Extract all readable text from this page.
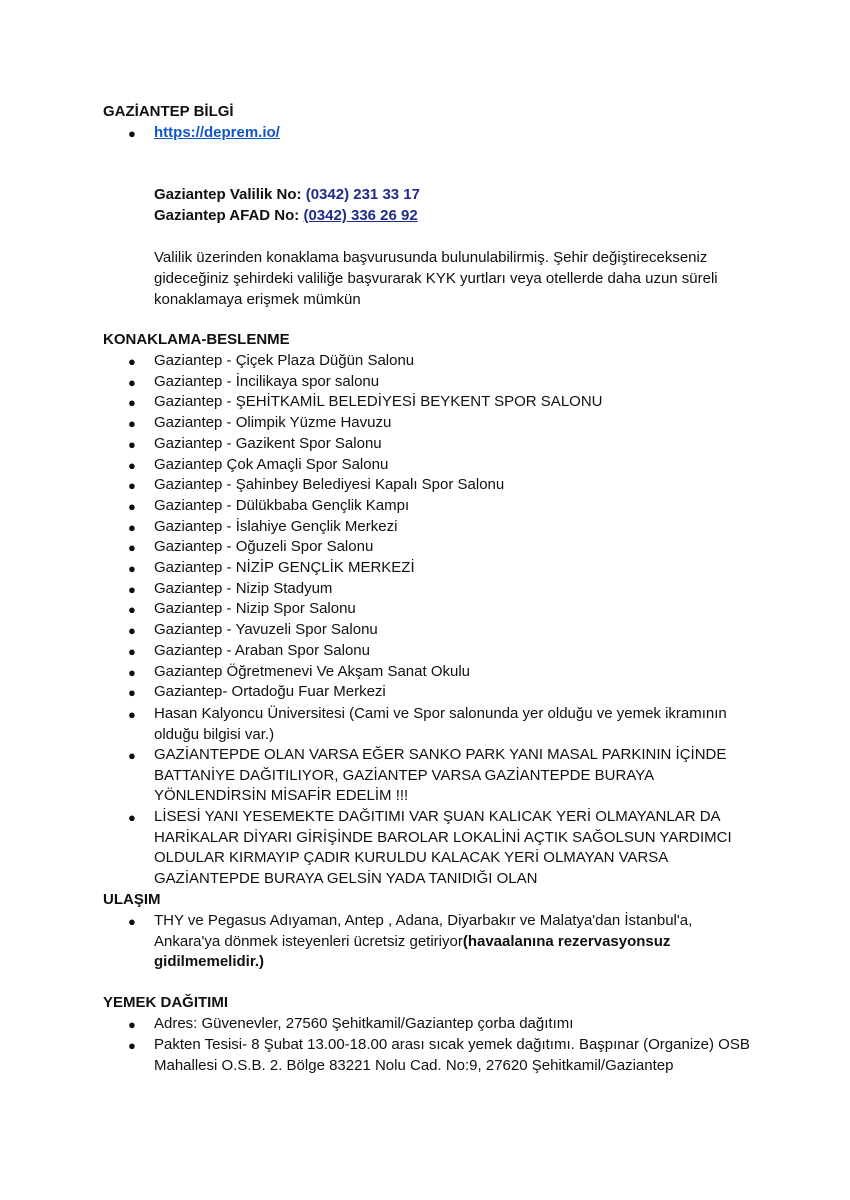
GAZİANTEP BİLGİ
● https://deprem.io/
Gaziantep Valilik No: (0342) 231 33 17
Gaziantep AFAD No: (0342) 336 26 92
Valilik üzerinden konaklama başvurusunda bulunulabilirmiş. Şehir değiştirecekseniz gideceğiniz şehirdeki valiliğe başvurarak KYK yurtları veya otellerde daha uzun süreli konaklamaya erişmek mümkün
KONAKLAMA-BESLENME
● Gaziantep - Çiçek Plaza Düğün Salonu
● Gaziantep - İncilikaya spor salonu
● Gaziantep - ŞEHİTKAMİL BELEDİYESİ BEYKENT SPOR SALONU
● Gaziantep - Olimpik Yüzme Havuzu
● Gaziantep - Gazikent Spor Salonu
● Gaziantep Çok Amaçli Spor Salonu
● Gaziantep - Şahinbey Belediyesi Kapalı Spor Salonu
● Gaziantep - Dülükbaba Gençlik Kampı
● Gaziantep - İslahiye Gençlik Merkezi
● Gaziantep - Oğuzeli Spor Salonu
● Gaziantep - NİZİP GENÇLİK MERKEZİ
● Gaziantep - Nizip Stadyum
● Gaziantep - Nizip Spor Salonu
● Gaziantep - Yavuzeli Spor Salonu
● Gaziantep - Araban Spor Salonu
● Gaziantep Öğretmenevi Ve Akşam Sanat Okulu
● Gaziantep- Ortadoğu Fuar Merkezi
● Hasan Kalyoncu Üniversitesi (Cami ve Spor salonunda yer olduğu ve yemek ikramının olduğu bilgisi var.)
● GAZİANTEPDE OLAN VARSA EĞER SANKO PARK YANI MASAL PARKININ İÇİNDE BATTANİYE DAĞITILIYOR, GAZİANTEP VARSA GAZİANTEPDE BURAYA YÖNLENDİRSİN MİSAFİR EDELİM !!!
● LİSESİ YANI YESEMEKTE DAĞITIMI VAR ŞUAN KALICAK YERİ OLMAYANLAR DA HARİKALAR DİYARI GİRİŞİNDE BAROLAR LOKALİNİ AÇTIK SAĞOLSUN YARDIMCI OLDULAR KIRMAYIP ÇADIR KURULDU KALACAK YERİ OLMAYAN VARSA GAZİANTEPDE BURAYA GELSİN YADA TANIDIĞI OLAN
ULAŞIM
● THY ve Pegasus Adıyaman, Antep , Adana, Diyarbakır ve Malatya'dan İstanbul'a, Ankara'ya dönmek isteyenleri ücretsiz getiriyor(havaalanına rezervasyonsuz gidilmemelidir.)
YEMEK DAĞITIMI
● Adres: Güvenevler, 27560 Şehitkamil/Gaziantep çorba dağıtımı
● Pakten Tesisi- 8 Şubat 13.00-18.00 arası sıcak yemek dağıtımı. Başpınar (Organize) OSB Mahallesi O.S.B. 2. Bölge 83221 Nolu Cad. No:9, 27620 Şehitkamil/Gaziantep
